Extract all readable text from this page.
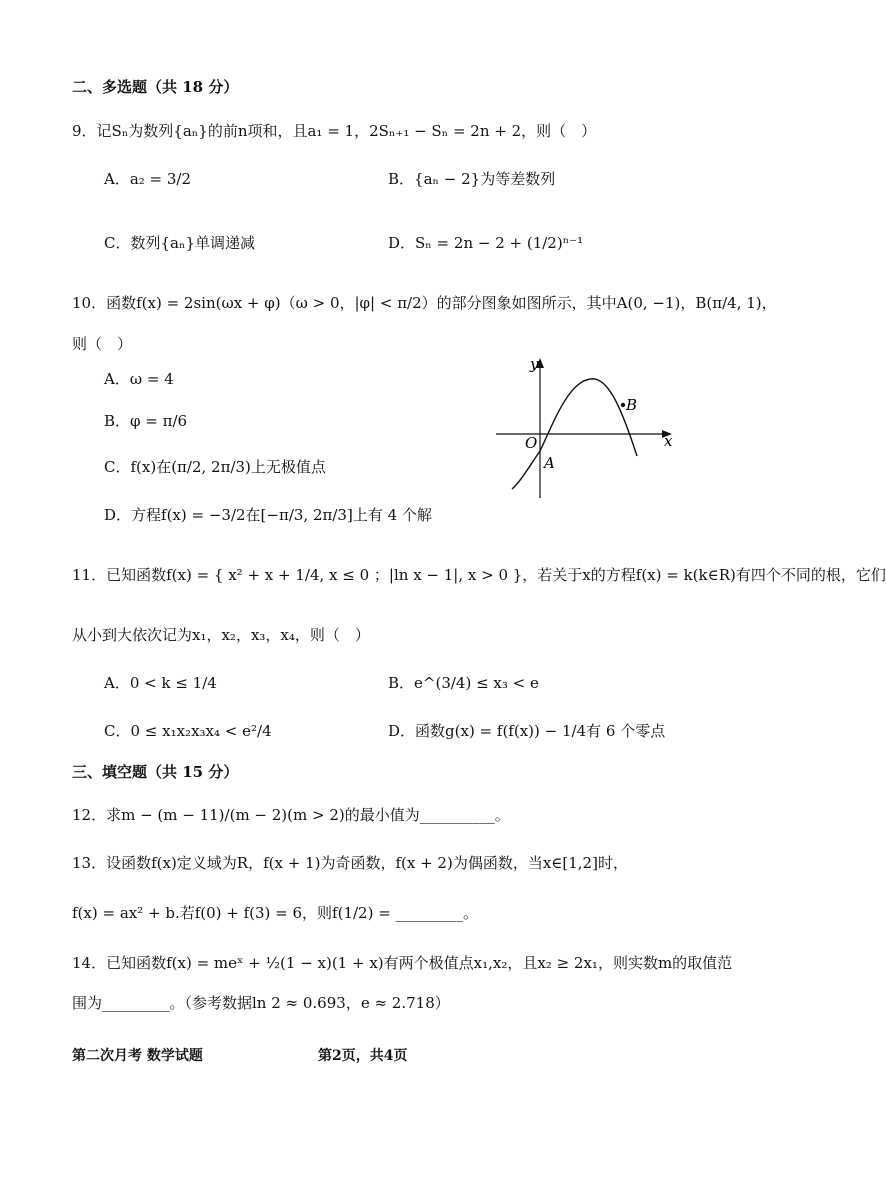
二、多选题（共 18 分）
9．记Sₙ为数列{aₙ}的前n项和，且a₁ = 1，2Sₙ₊₁ − Sₙ = 2n + 2，则（　）
A．a₂ = 3/2	B．{aₙ − 2}为等差数列
C．数列{aₙ}单调递减	D．Sₙ = 2n − 2 + (1/2)ⁿ⁻¹
10．函数f(x) = 2sin(ωx + φ)（ω > 0，|φ| < π/2）的部分图象如图所示，其中A(0, −1)，B(π/4, 1)，
则（　）
A．ω = 4
B．φ = π/6
C．f(x)在(π/2, 2π/3)上无极值点
D．方程f(x) = −3/2在[−π/3, 2π/3]上有 4 个解
y
x
O
A
B
11．已知函数f(x) = { x² + x + 1/4, x ≤ 0 ；|ln x − 1|, x > 0 }，若关于x的方程f(x) = k(k∈R)有四个不同的根，它们
从小到大依次记为x₁，x₂，x₃，x₄，则（　）
A．0 < k ≤ 1/4	B．e^(3/4) ≤ x₃ < e
C．0 ≤ x₁x₂x₃x₄ < e²/4	D．函数g(x) = f(f(x)) − 1/4有 6 个零点
三、填空题（共 15 分）
12．求m − (m − 11)/(m − 2)(m > 2)的最小值为__________。
13．设函数f(x)定义域为R，f(x + 1)为奇函数，f(x + 2)为偶函数，当x∈[1,2]时，
f(x) = ax² + b.若f(0) + f(3) = 6，则f(1/2) = _________。
14．已知函数f(x) = meˣ + ½(1 − x)(1 + x)有两个极值点x₁,x₂，且x₂ ≥ 2x₁，则实数m的取值范
围为_________。（参考数据ln 2 ≈ 0.693，e ≈ 2.718）
第二次月考 数学试题	第2页，共4页
